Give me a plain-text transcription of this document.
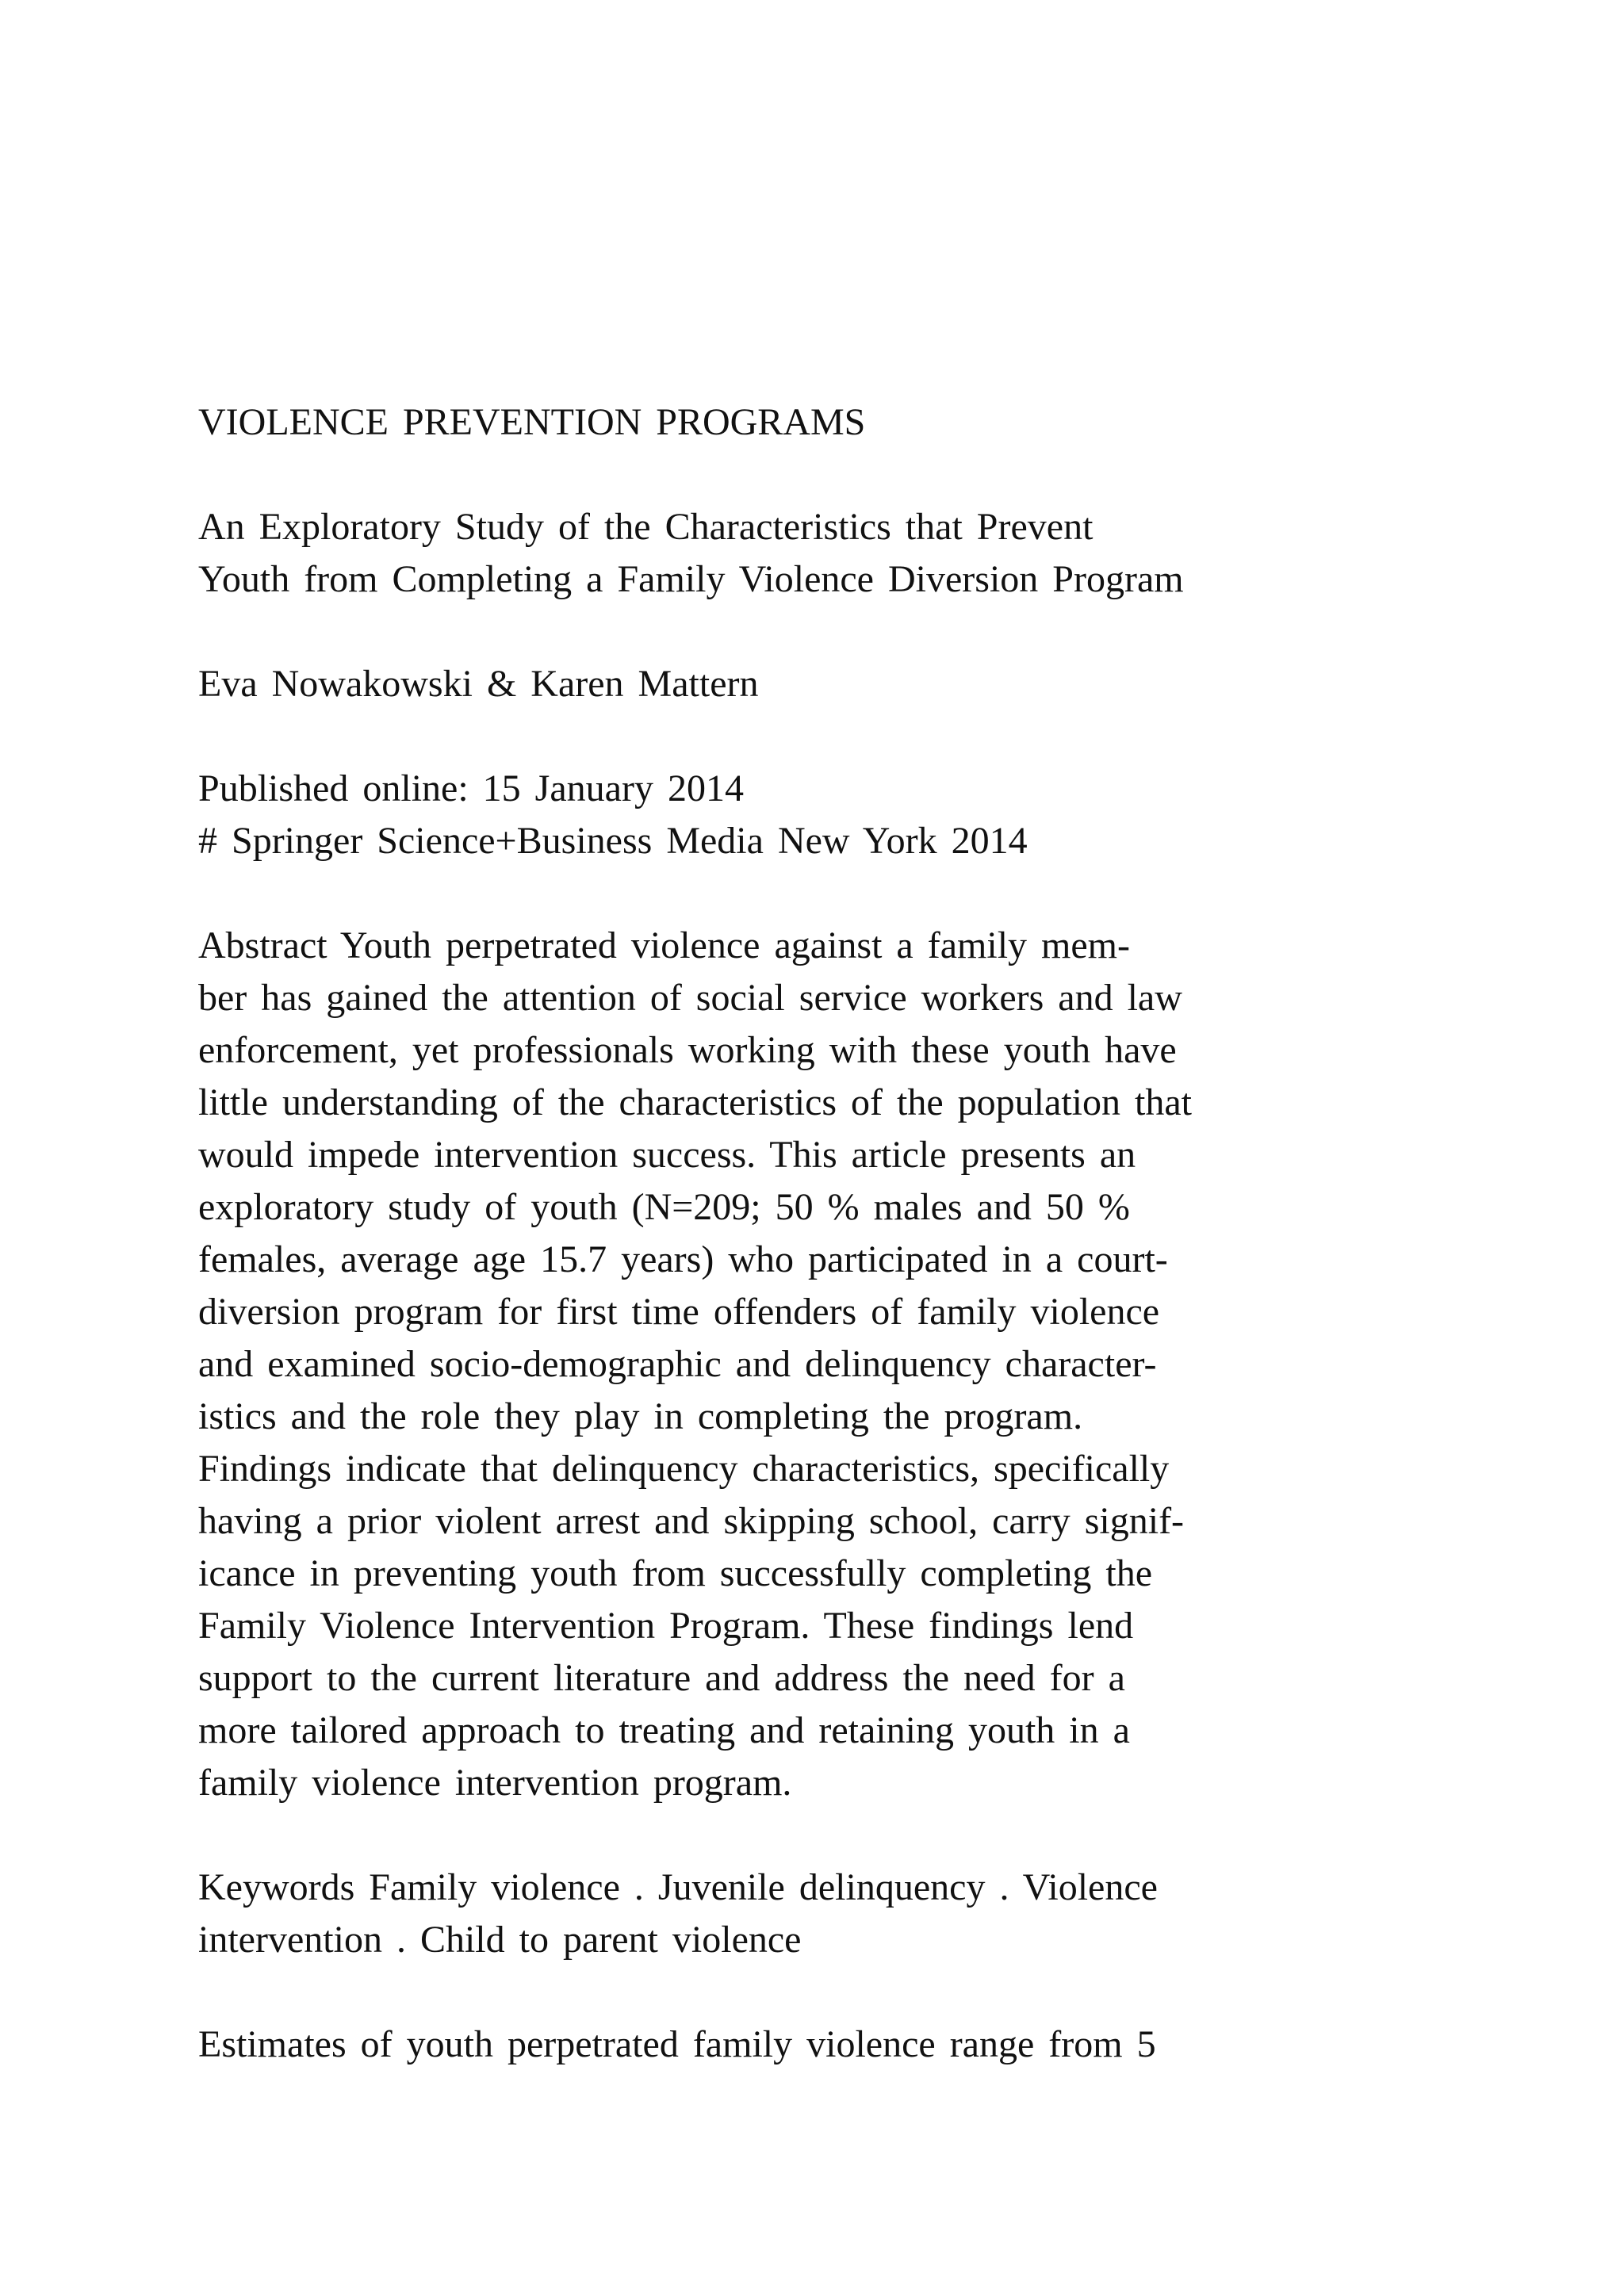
VIOLENCE PREVENTION PROGRAMS
An Exploratory Study of the Characteristics that Prevent
Youth from Completing a Family Violence Diversion Program
Eva Nowakowski & Karen Mattern
Published online: 15 January 2014
# Springer Science+Business Media New York 2014
Abstract Youth perpetrated violence against a family mem-
ber has gained the attention of social service workers and law
enforcement, yet professionals working with these youth have
little understanding of the characteristics of the population that
would impede intervention success. This article presents an
exploratory study of youth (N=209; 50 % males and 50 %
females, average age 15.7 years) who participated in a court-
diversion program for first time offenders of family violence
and examined socio-demographic and delinquency character-
istics and the role they play in completing the program.
Findings indicate that delinquency characteristics, specifically
having a prior violent arrest and skipping school, carry signif-
icance in preventing youth from successfully completing the
Family Violence Intervention Program. These findings lend
support to the current literature and address the need for a
more tailored approach to treating and retaining youth in a
family violence intervention program.
Keywords Family violence . Juvenile delinquency . Violence
intervention . Child to parent violence
Estimates of youth perpetrated family violence range from 5
